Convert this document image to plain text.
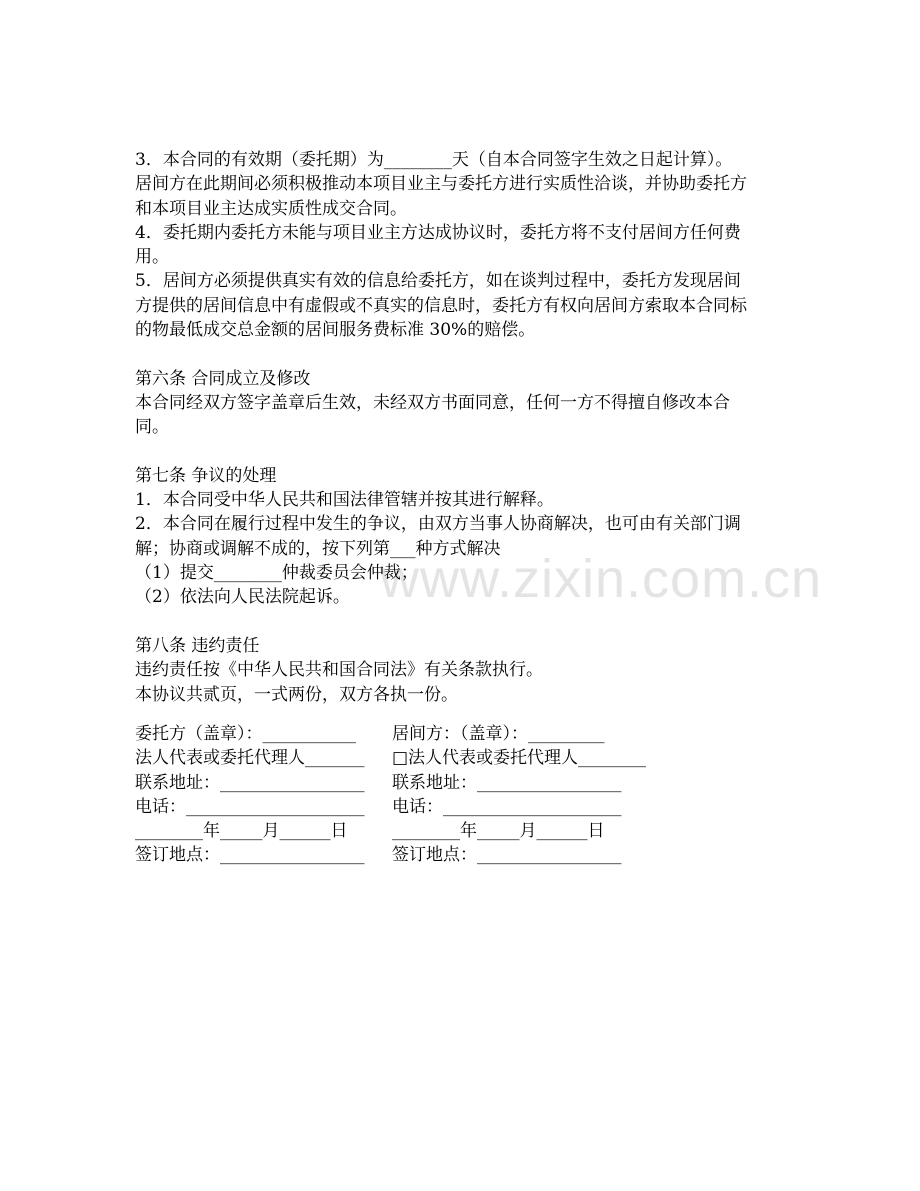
www.zixin.com.cn
3．本合同的有效期（委托期）为________天（自本合同签字生效之日起计算）。
居间方在此期间必须积极推动本项目业主与委托方进行实质性洽谈，并协助委托方
和本项目业主达成实质性成交合同。
4．委托期内委托方未能与项目业主方达成协议时，委托方将不支付居间方任何费
用。
5．居间方必须提供真实有效的信息给委托方，如在谈判过程中，委托方发现居间
方提供的居间信息中有虚假或不真实的信息时，委托方有权向居间方索取本合同标
的物最低成交总金额的居间服务费标准 30%的赔偿。
第六条 合同成立及修改
本合同经双方签字盖章后生效，未经双方书面同意，任何一方不得擅自修改本合
同。
第七条 争议的处理
1．本合同受中华人民共和国法律管辖并按其进行解释。
2．本合同在履行过程中发生的争议，由双方当事人协商解决，也可由有关部门调
解；协商或调解不成的，按下列第___种方式解决
（1）提交________仲裁委员会仲裁；
（2）依法向人民法院起诉。
第八条 违约责任
违约责任按《中华人民共和国合同法》有关条款执行。
本协议共贰页，一式两份，双方各执一份。

委托方（盖章）：___________

居间方：（盖章）：_________

法人代表或委托代理人_______

□法人代表或委托代理人________

联系地址：_________________

联系地址：_________________

电话：_____________________

电话：_____________________

________年_____月______日

	________年_____月______日

签订地点：_________________

签订地点：_________________
